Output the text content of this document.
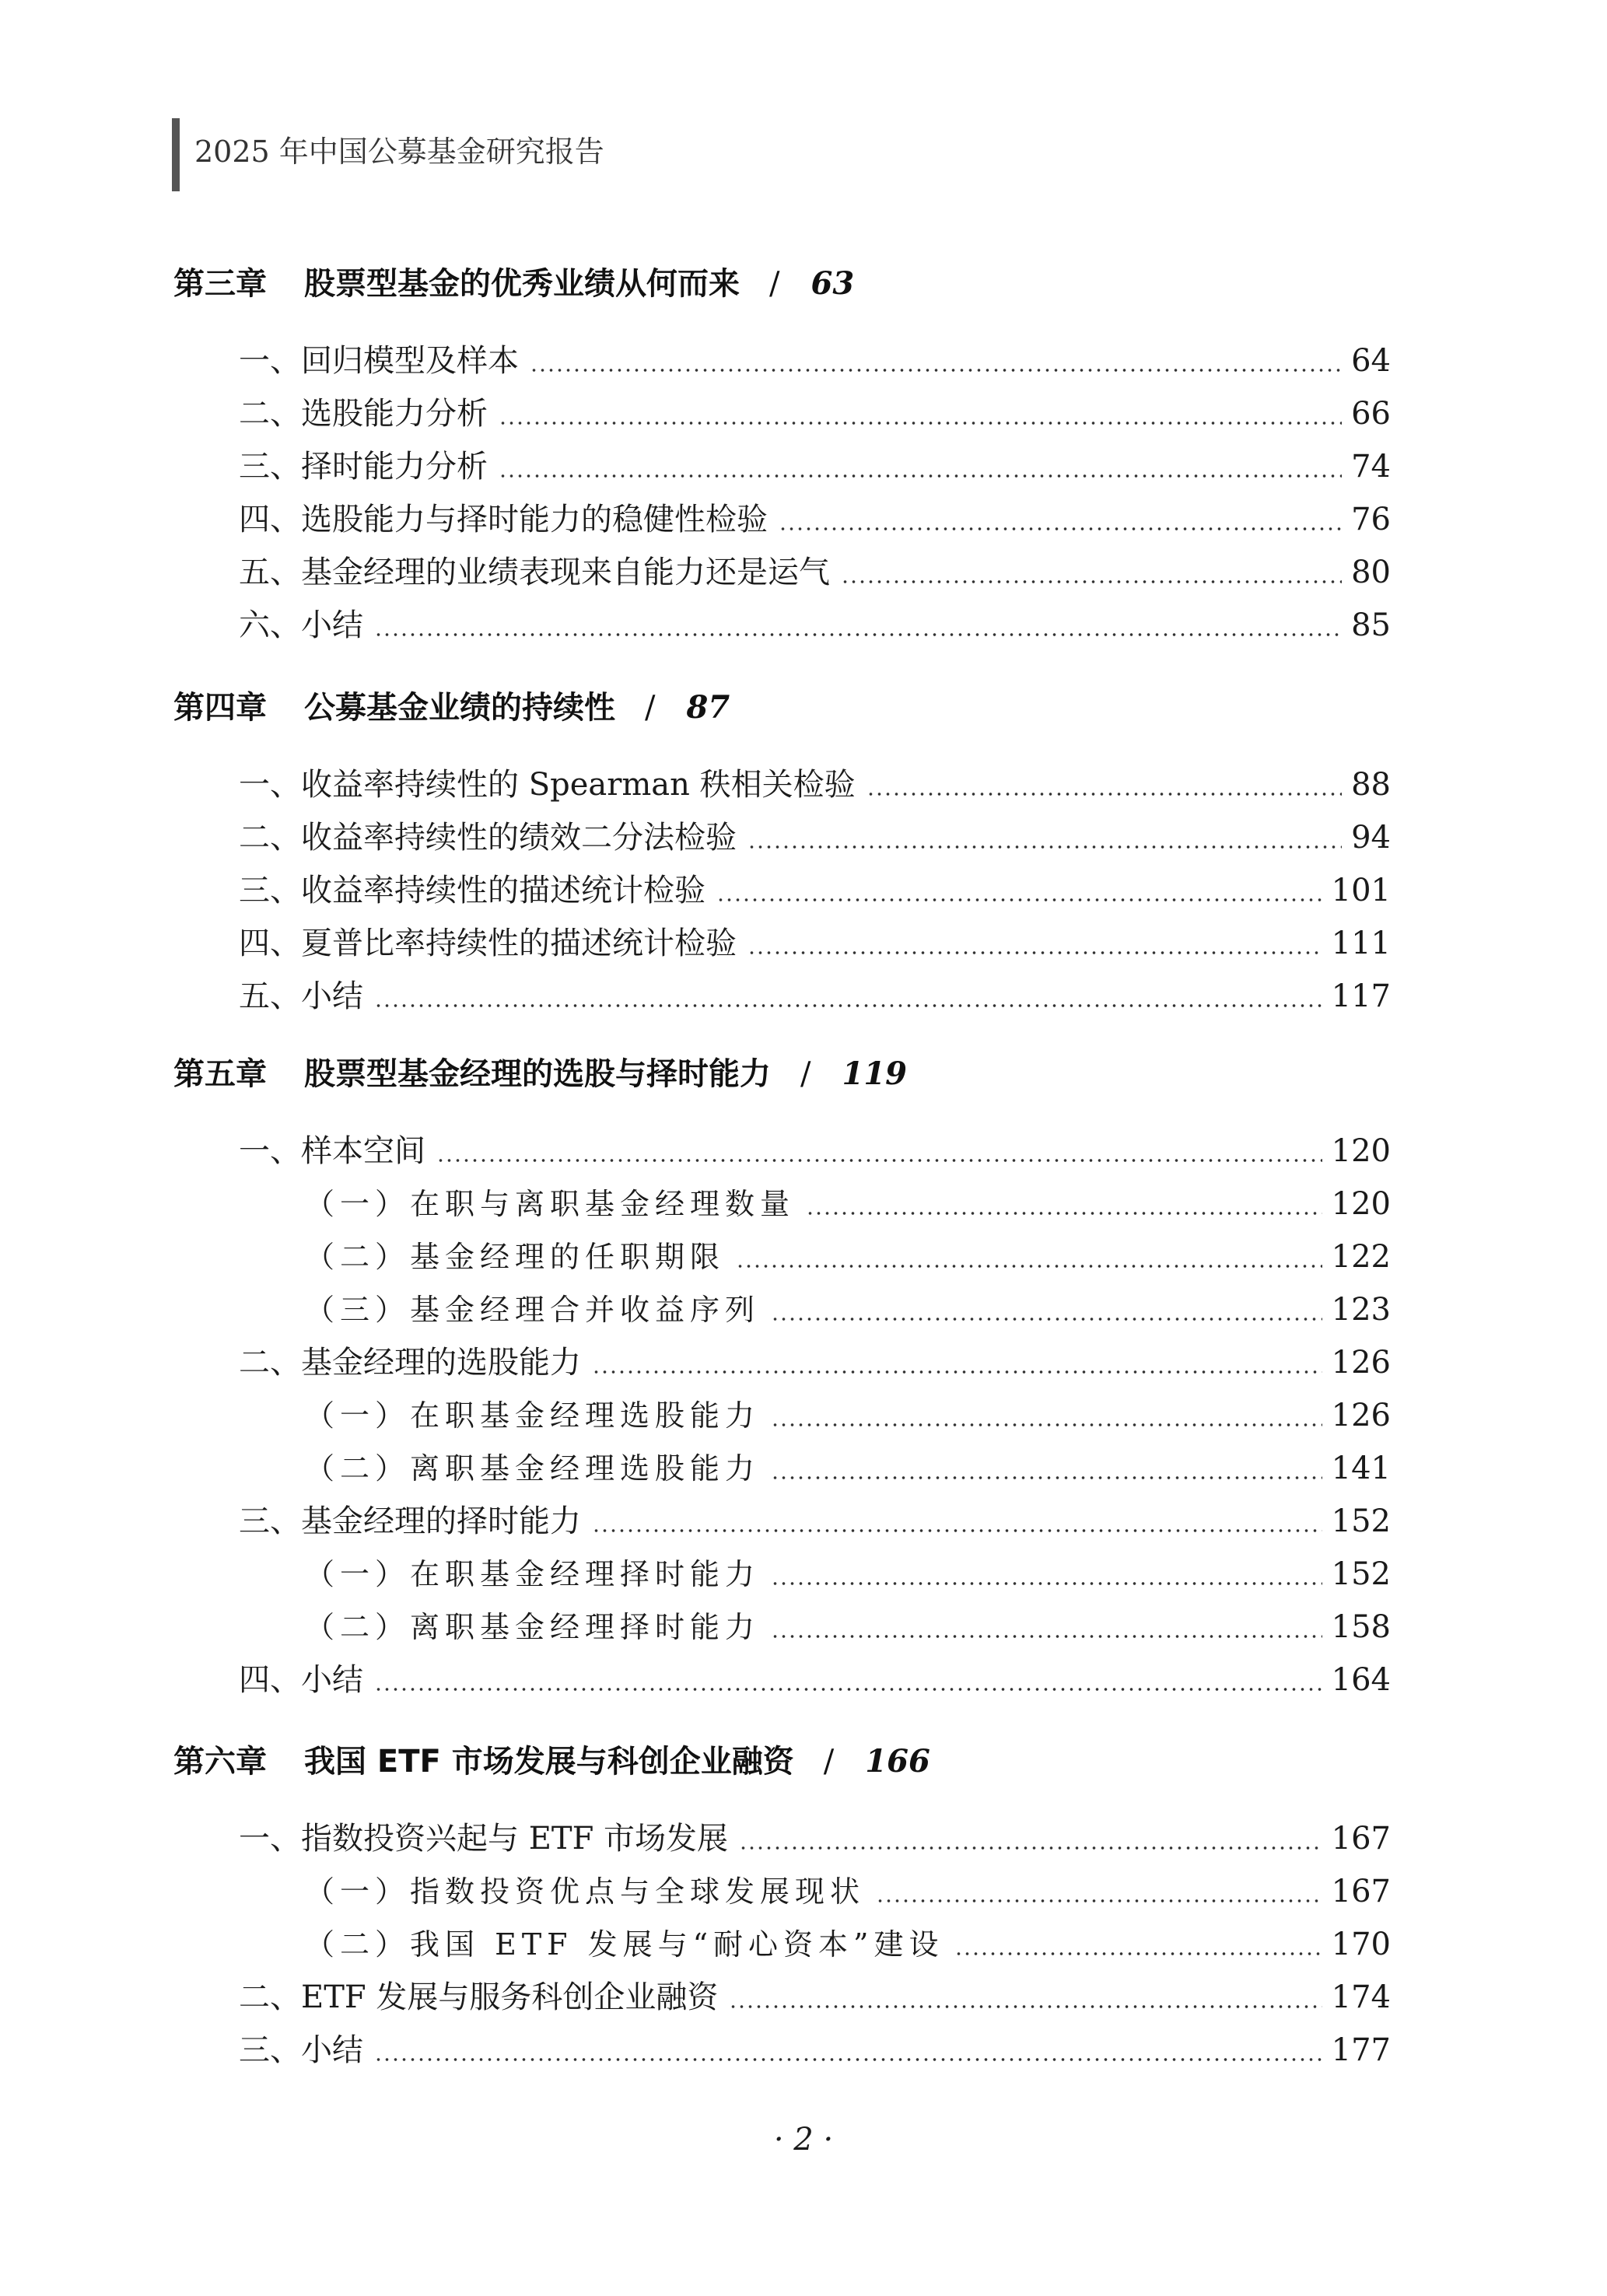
2025 年中国公募基金研究报告
第三章 股票型基金的优秀业绩从何而来 / 63
一、回归模型及样本	64
二、选股能力分析	66
三、择时能力分析	74
四、选股能力与择时能力的稳健性检验	76
五、基金经理的业绩表现来自能力还是运气	80
六、小结	85
第四章 公募基金业绩的持续性 / 87
一、收益率持续性的 Spearman 秩相关检验	88
二、收益率持续性的绩效二分法检验	94
三、收益率持续性的描述统计检验	101
四、夏普比率持续性的描述统计检验	111
五、小结	117
第五章 股票型基金经理的选股与择时能力 / 119
一、样本空间	120
（一）在职与离职基金经理数量	120
（二）基金经理的任职期限	122
（三）基金经理合并收益序列	123
二、基金经理的选股能力	126
（一）在职基金经理选股能力	126
（二）离职基金经理选股能力	141
三、基金经理的择时能力	152
（一）在职基金经理择时能力	152
（二）离职基金经理择时能力	158
四、小结	164
第六章 我国 ETF 市场发展与科创企业融资 / 166
一、指数投资兴起与 ETF 市场发展	167
（一）指数投资优点与全球发展现状	167
（二）我国 ETF 发展与“耐心资本”建设	170
二、ETF 发展与服务科创企业融资	174
三、小结	177
· 2 ·
